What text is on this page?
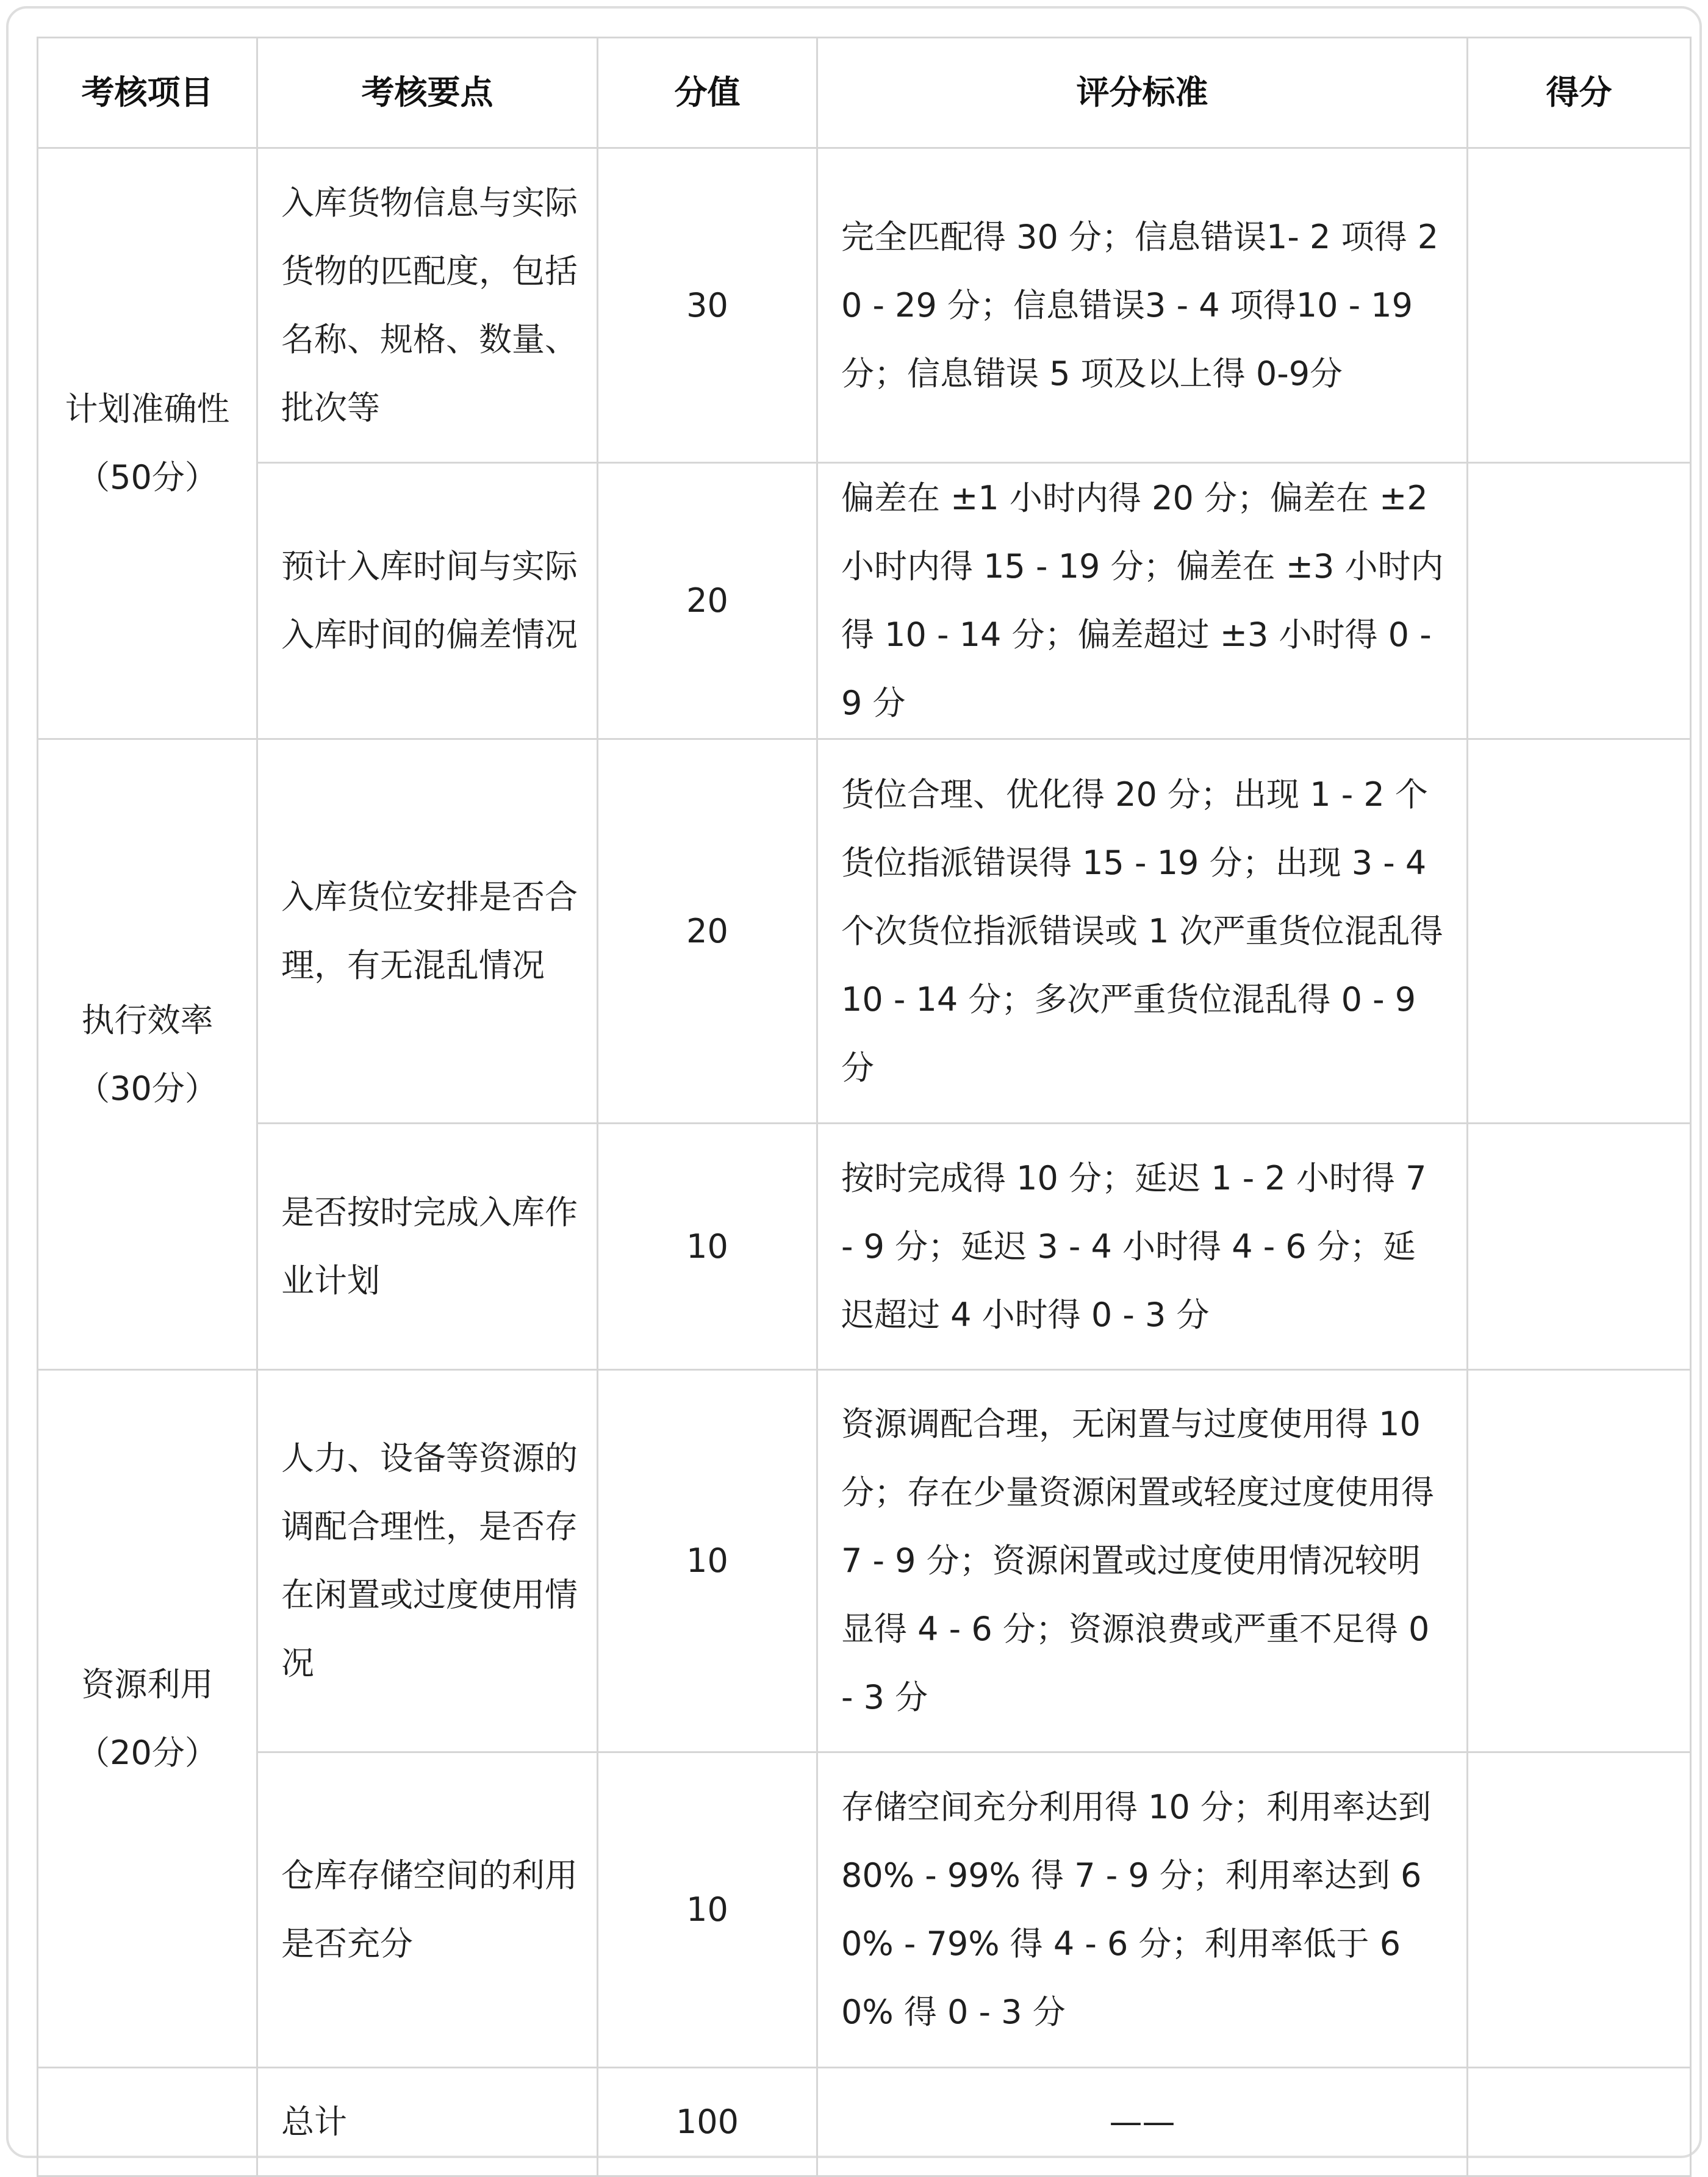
考核项目	考核要点	分值	评分标准	得分

计划准确性
（50分）	入库货物信息与实际货物的匹配度，包括名称、规格、数量、批次等	30	完全匹配得 30 分；信息错误1- 2 项得 20 - 29 分；信息错误3 - 4 项得10 - 19 分；信息错误 5 项及以上得 0-9分	
	预计入库时间与实际入库时间的偏差情况	20	偏差在 ±1 小时内得 20 分；偏差在 ±2 小时内得 15 - 19 分；偏差在 ±3 小时内得 10 - 14 分；偏差超过 ±3 小时得 0 - 9 分	

执行效率
（30分）	入库货位安排是否合理，有无混乱情况	20	货位合理、优化得 20 分；出现 1 - 2 个货位指派错误得 15 - 19 分；出现 3 - 4 个次货位指派错误或 1 次严重货位混乱得 10 - 14 分；多次严重货位混乱得 0 - 9 分	
	是否按时完成入库作业计划	10	按时完成得 10 分；延迟 1 - 2 小时得 7 - 9 分；延迟 3 - 4 小时得 4 - 6 分；延迟超过 4 小时得 0 - 3 分	

资源利用
（20分）	人力、设备等资源的调配合理性，是否存在闲置或过度使用情况	10	资源调配合理，无闲置与过度使用得 10 分；存在少量资源闲置或轻度过度使用得 7 - 9 分；资源闲置或过度使用情况较明显得 4 - 6 分；资源浪费或严重不足得 0 - 3 分	
	仓库存储空间的利用是否充分	10	存储空间充分利用得 10 分；利用率达到 80% - 99% 得 7 - 9 分；利用率达到 60% - 79% 得 4 - 6 分；利用率低于 60% 得 0 - 3 分	
	总计	100	——	
